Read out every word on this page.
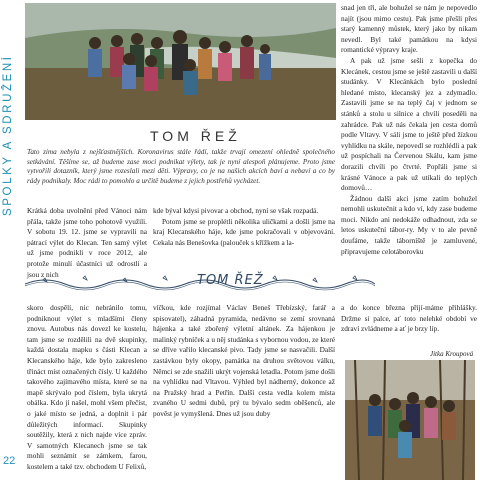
SPOLKY A SDRUŽENÍ
22
TOM ŘEŽ
Tato zima nebyla z nejšťastnějších. Koronavirus stále řádí, takže trvají omezení ohledně společného setkávání. Těšíme se, až budeme zase moci podnikat výlety, tak je nyní alespoň plánujeme. Proto jsme vytvořili dotazník, který jsme rozeslali mezi děti. Výpravy, co je na našich akcích baví a nebaví a co by rády podnikaly. Moc rádi to pomohlo a určitě budeme z jejich postřehů vycházet.

Krátká doba uvolnění před Vánoci nám přála, takže jsme toho pohotově využili. V sobotu 19. 12. jsme se vypravili na pátrací výlet do Klecan. Ten samý výlet už jsme podnikli v roce 2012, ale protože minulí účastníci už odrostli a jsou z nich

kde býval kdysi pivovar a obchod, nyní se však rozpadá.

Potom jsme se proplétli několika uličkami a došli jsme na kraj Klecanského háje, kde jsme pokračovali v objevování. Cekala nás Benešovka (palouček s křížkem a la-

snad jen tři, ale bohužel se nám je nepovedlo najít (jsou mimo cestu). Pak jsme přešli přes starý kamenný můstek, který jako by nikam nevedl. Byl také památkou na kdysi romantické výpravy kraje.

A pak už jsme sešli z kopečka do Klecánek, cestou jsme se ještě zastavili u další studánky. V Klecánkách bylo poslední hledané místo, klecanský jez a zdymadlo. Zastavili jsme se na teplý čaj v jednom se stánků a stolu u silnice a chvíli poseděli na zahrádce. Pak už nás čekala jen cesta domů podle Vltavy. V sáli jsme to ještě před žízkou vyhlídku na skále, nepovedl se rozhlédli a pak už pospíchali na Červenou Skálu, kam jsme dorazili chvíli po čtvrté. Popřáli jsme si krásné Vánoce a pak už utíkali do teplých domovů…

Žádnou další akci jsme zatím bohužel nemohli uskutečnit a kdo ví, kdy zase budeme moci. Nikdo ani nedokáže odhadnout, zda se letos uskuteční tábor-ry. My v to ale pevně doufáme, takže táborníště je zamluvené, připravujeme celotáborovku

TOM ŘEŽ

skoro dospělí, nic nebránilo tomu, podniknout výlet s mladšími členy znovu. Autobus nás dovezl ke kostelu, tam jsme se rozdělili na dvě skupinky, každá dostala mapku s části Klecan a Klecanského háje, kde bylo zakresleno třináct míst označených čísly. U každého takového zajímavého místa, které se na mapě skrývalo pod číslem, byla ukrytá obálka. Kdo jí našel, mohl všem přečíst, o jaké místo se jedná, a doplnit i pár důležitých informací. Skupinky soutěžily, která z nich najde více zpráv. V samotných Klecanech jsme se tak mohli seznámit se zámkem, farou, kostelem a také tzv. obchodem U Felixů,

víčkou, kde rozjímal Václav Beneš Třebízský, farář a spisovatel), záhadná pyramida, nedávno se zemí srovnaná hájenka a také zbořený výletní altánek. Za hájenkou je malinký rybníček a u něj studánka s vybornou vodou, ze které se dříve vařilo klecanské pivo. Tady jsme se nasvačili. Další zastávkou byly okopy, památka na druhou světovou válku, Němci se zde snažili ukrýt vojenská letadla. Potom jsme došli na vyhlídku nad Vltavou. Výhled byl nádherný, dokonce až na Pražský hrad a Petřín. Další cesta vedla kolem místa zvaného U sedmi dubů, prý tu bývalo sedm oběšenců, ale pověst je vymyšlená. Dnes už jsou duby

a do konce března příjí-máme přihlášky. Držme si palce, ať toto nelehké období ve zdraví zvládneme a ať je brzy líp.

Jitka Kroupová
